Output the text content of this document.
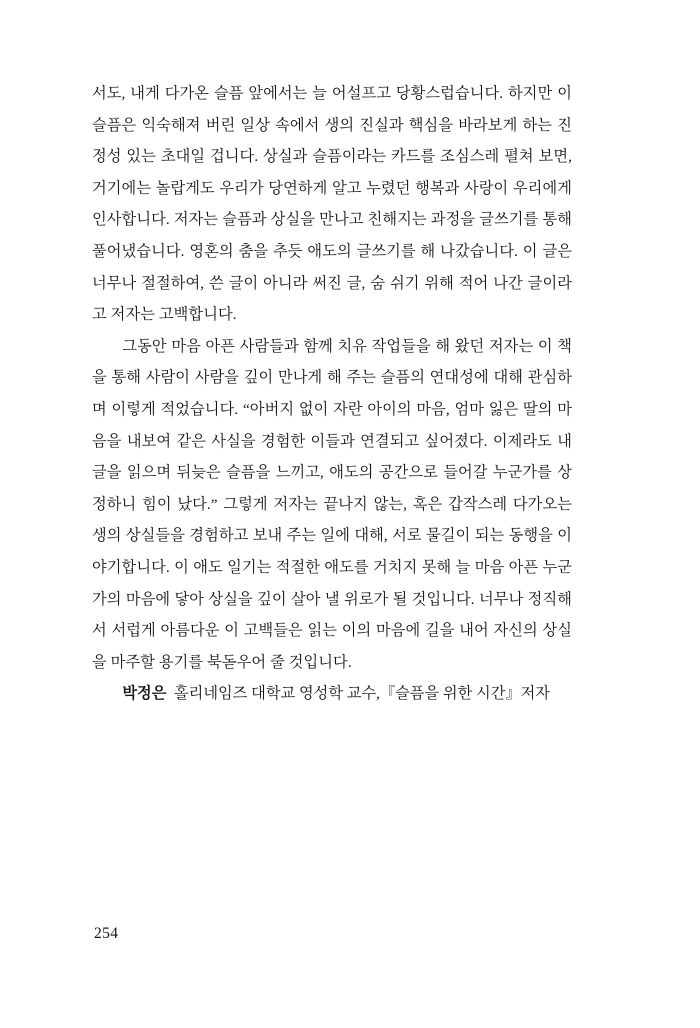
서도, 내게 다가온 슬픔 앞에서는 늘 어설프고 당황스럽습니다. 하지만 이 슬픔은 익숙해져 버린 일상 속에서 생의 진실과 핵심을 바라보게 하는 진정성 있는 초대일 겁니다. 상실과 슬픔이라는 카드를 조심스레 펼쳐 보면, 거기에는 놀랍게도 우리가 당연하게 알고 누렸던 행복과 사랑이 우리에게 인사합니다. 저자는 슬픔과 상실을 만나고 친해지는 과정을 글쓰기를 통해 풀어냈습니다. 영혼의 춤을 추듯 애도의 글쓰기를 해 나갔습니다. 이 글은 너무나 절절하여, 쓴 글이 아니라 써진 글, 숨 쉬기 위해 적어 나간 글이라고 저자는 고백합니다.

그동안 마음 아픈 사람들과 함께 치유 작업들을 해 왔던 저자는 이 책을 통해 사람이 사람을 깊이 만나게 해 주는 슬픔의 연대성에 대해 관심하며 이렇게 적었습니다. “아버지 없이 자란 아이의 마음, 엄마 잃은 딸의 마음을 내보여 같은 사실을 경험한 이들과 연결되고 싶어졌다. 이제라도 내 글을 읽으며 뒤늦은 슬픔을 느끼고, 애도의 공간으로 들어갈 누군가를 상정하니 힘이 났다.” 그렇게 저자는 끝나지 않는, 혹은 갑작스레 다가오는 생의 상실들을 경험하고 보내 주는 일에 대해, 서로 물길이 되는 동행을 이야기합니다. 이 애도 일기는 적절한 애도를 거치지 못해 늘 마음 아픈 누군가의 마음에 닿아 상실을 깊이 살아 낼 위로가 될 것입니다. 너무나 정직해서 서럽게 아름다운 이 고백들은 읽는 이의 마음에 길을 내어 자신의 상실을 마주할 용기를 북돋우어 줄 것입니다.

박정은 홀리네임즈 대학교 영성학 교수,『슬픔을 위한 시간』저자

254
